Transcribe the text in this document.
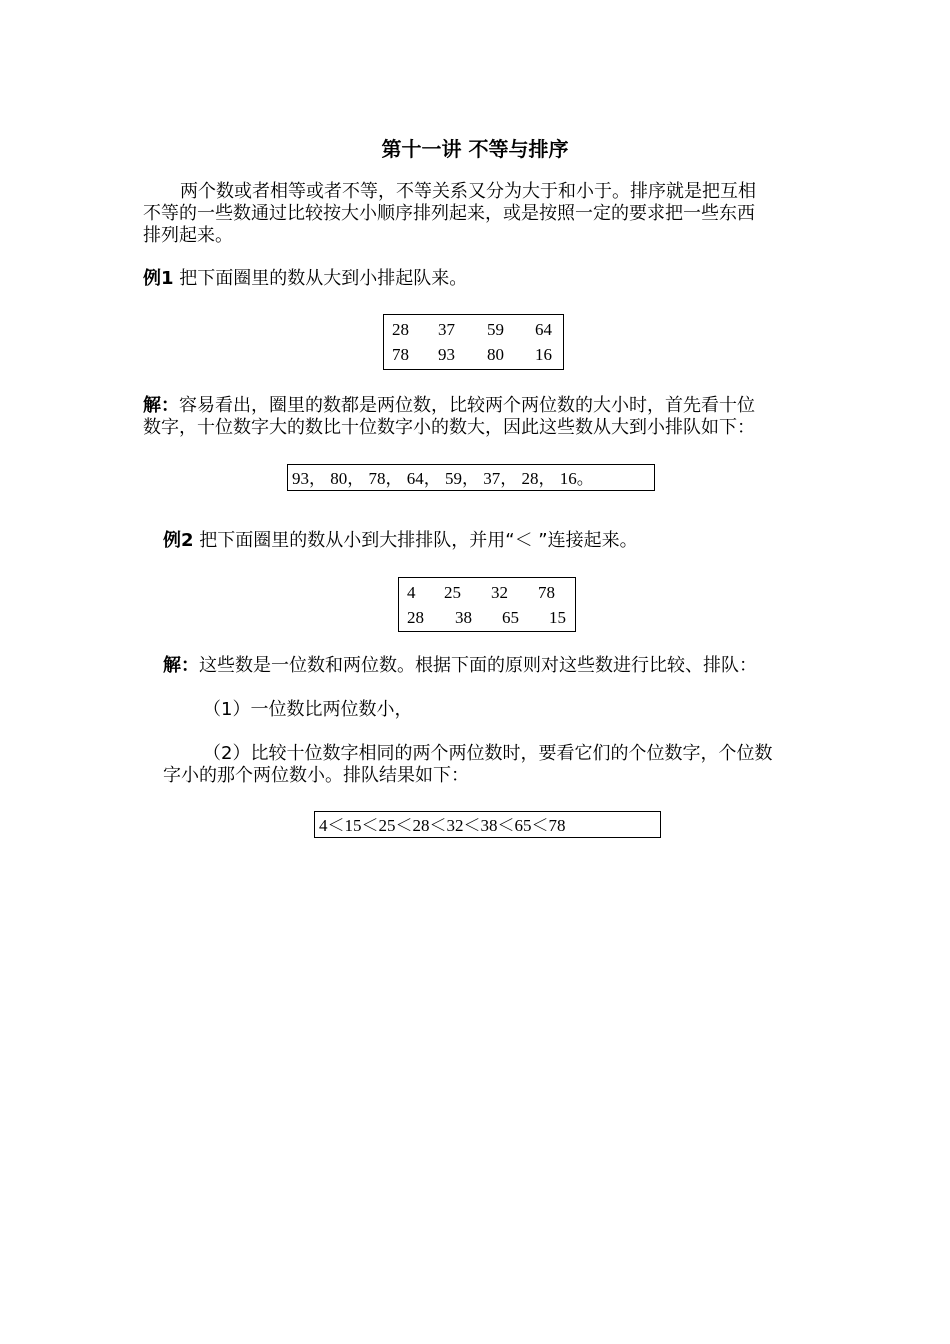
第十一讲 不等与排序
两个数或者相等或者不等，不等关系又分为大于和小于。排序就是把互相
不等的一些数通过比较按大小顺序排列起来，或是按照一定的要求把一些东西
排列起来。
例1 把下面圈里的数从大到小排起队来。
28 37 59 64
78 93 80 16
解：容易看出，圈里的数都是两位数，比较两个两位数的大小时，首先看十位
数字，十位数字大的数比十位数字小的数大，因此这些数从大到小排队如下：
93， 80， 78， 64， 59， 37， 28， 16。
例2 把下面圈里的数从小到大排排队，并用“＜ ”连接起来。
4 25 32 78
28 38 65 15
解：这些数是一位数和两位数。根据下面的原则对这些数进行比较、排队：
（1）一位数比两位数小，
（2）比较十位数字相同的两个两位数时，要看它们的个位数字，个位数
字小的那个两位数小。排队结果如下：
4＜15＜25＜28＜32＜38＜65＜78
